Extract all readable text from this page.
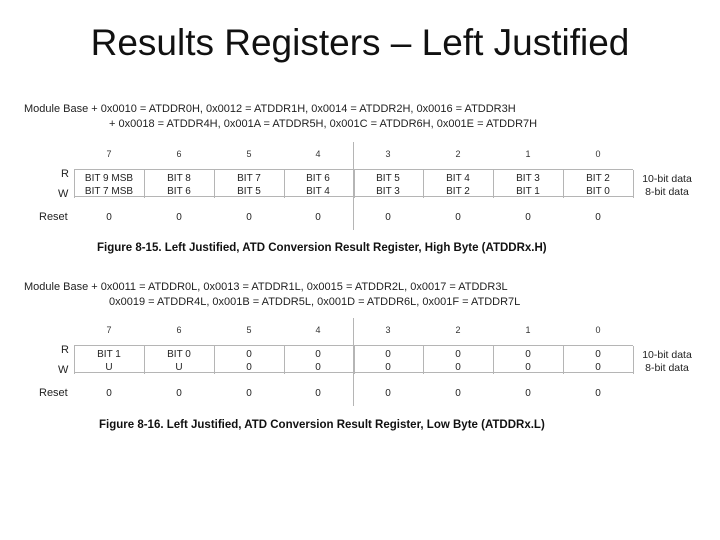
Results Registers – Left Justified
Module Base + 0x0010 = ATDDR0H, 0x0012 = ATDDR1H, 0x0014 = ATDDR2H, 0x0016 = ATDDR3H
+ 0x0018 = ATDDR4H, 0x001A = ATDDR5H, 0x001C = ATDDR6H, 0x001E = ATDDR7H
R
W
Reset
7
BIT 9 MSB
BIT 7 MSB
0
6
BIT 8
BIT 6
0
5
BIT 7
BIT 5
0
4
BIT 6
BIT 4
0
3
BIT 5
BIT 3
0
2
BIT 4
BIT 2
0
1
BIT 3
BIT 1
0
0
BIT 2
BIT 0
0
10-bit data
8-bit data
Figure 8-15. Left Justified, ATD Conversion Result Register, High Byte (ATDDRx.H)
Module Base + 0x0011 = ATDDR0L, 0x0013 = ATDDR1L, 0x0015 = ATDDR2L, 0x0017 = ATDDR3L
0x0019 = ATDDR4L, 0x001B = ATDDR5L, 0x001D = ATDDR6L, 0x001F = ATDDR7L
R
W
Reset
7
BIT 1
U
0
6
BIT 0
U
0
5
0
0
0
4
0
0
0
3
0
0
0
2
0
0
0
1
0
0
0
0
0
0
0
10-bit data
8-bit data
Figure 8-16. Left Justified, ATD Conversion Result Register, Low Byte (ATDDRx.L)
